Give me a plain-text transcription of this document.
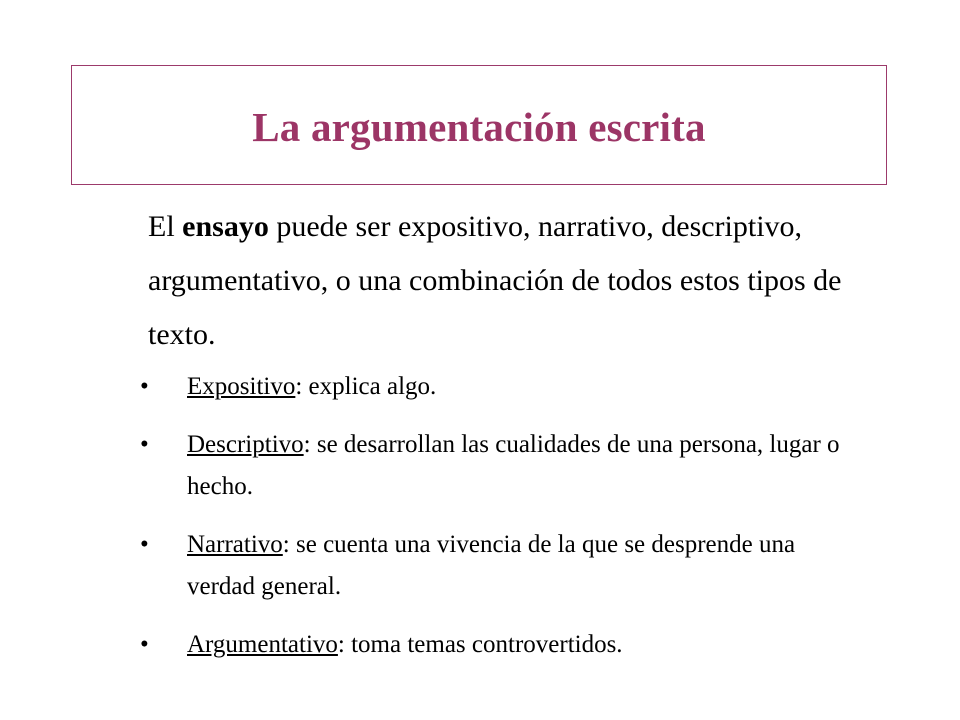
La argumentación escrita

El ensayo puede ser expositivo, narrativo, descriptivo, argumentativo, o una combinación de todos estos tipos de texto.

• Expositivo: explica algo.
• Descriptivo: se desarrollan las cualidades de una persona, lugar o hecho.
• Narrativo: se cuenta una vivencia de la que se desprende una verdad general.
• Argumentativo: toma temas controvertidos.
